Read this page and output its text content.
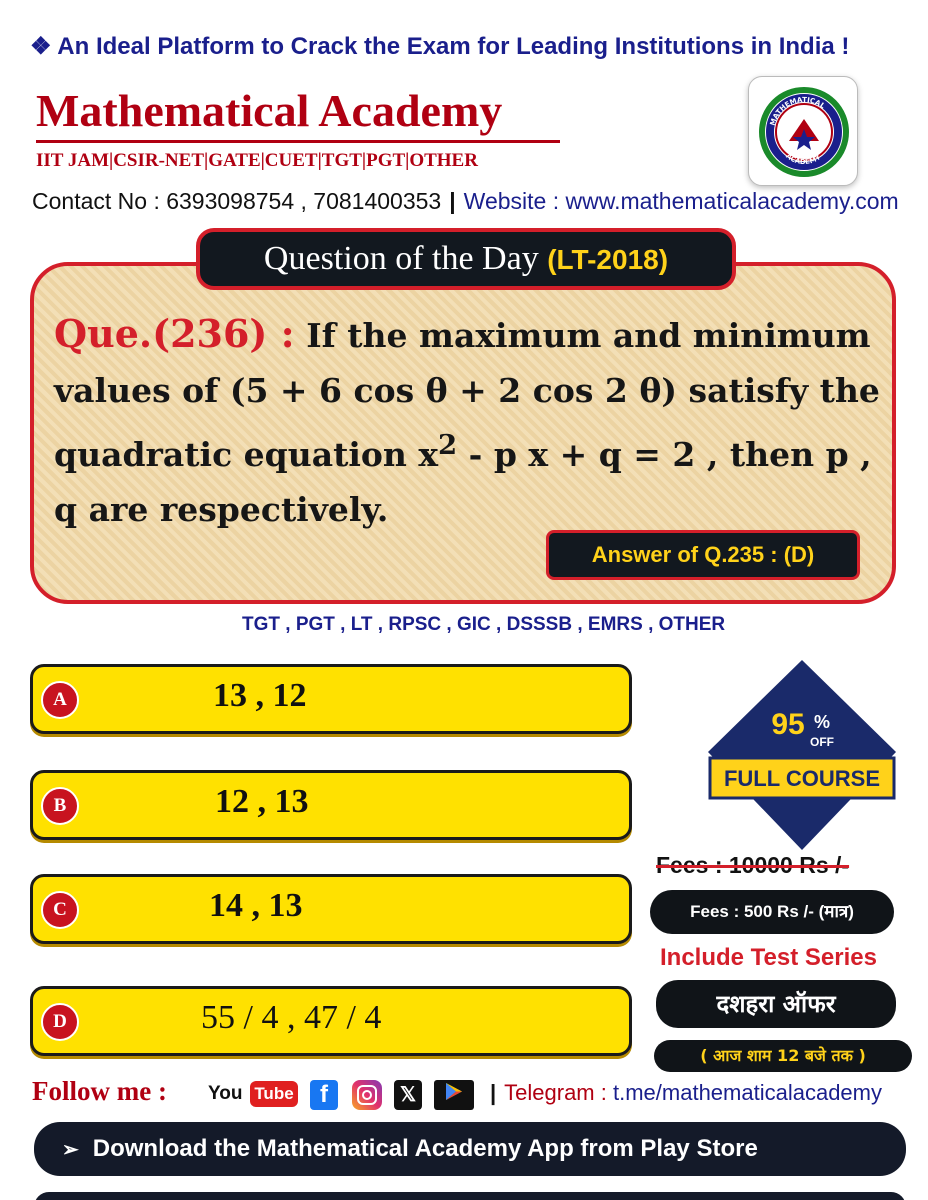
❖ An Ideal Platform to Crack the Exam for Leading Institutions in India !
Mathematical Academy
IIT JAM|CSIR-NET|GATE|CUET|TGT|PGT|OTHER
Contact No : 6393098754 , 7081400353 | Website : www.mathematicalacademy.com
MATHEMATICAL
ACADEMY
Question of the Day (LT-2018)
Que.(236) : If the maximum and minimum values of (5 + 6 cos θ + 2 cos 2 θ) satisfy the quadratic equation $x^2$ - p x + q = 2 , then p , q are respectively.
Answer of Q.235 : (D)
TGT , PGT , LT , RPSC , GIC , DSSSB , EMRS , OTHER
A	13 , 12
B	12 , 13
C	14 , 13
D	55 / 4 , 47 / 4
95 %
OFF
FULL COURSE
Fees : 10000 Rs /-
Fees : 500 Rs /- (मात्र)
Include Test Series
दशहरा ऑफर
( आज शाम 12 बजे तक )
Follow me : You Tube	f	𝕏	| Telegram : t.me/mathematicalacademy
➢ Download the Mathematical Academy App from Play Store
